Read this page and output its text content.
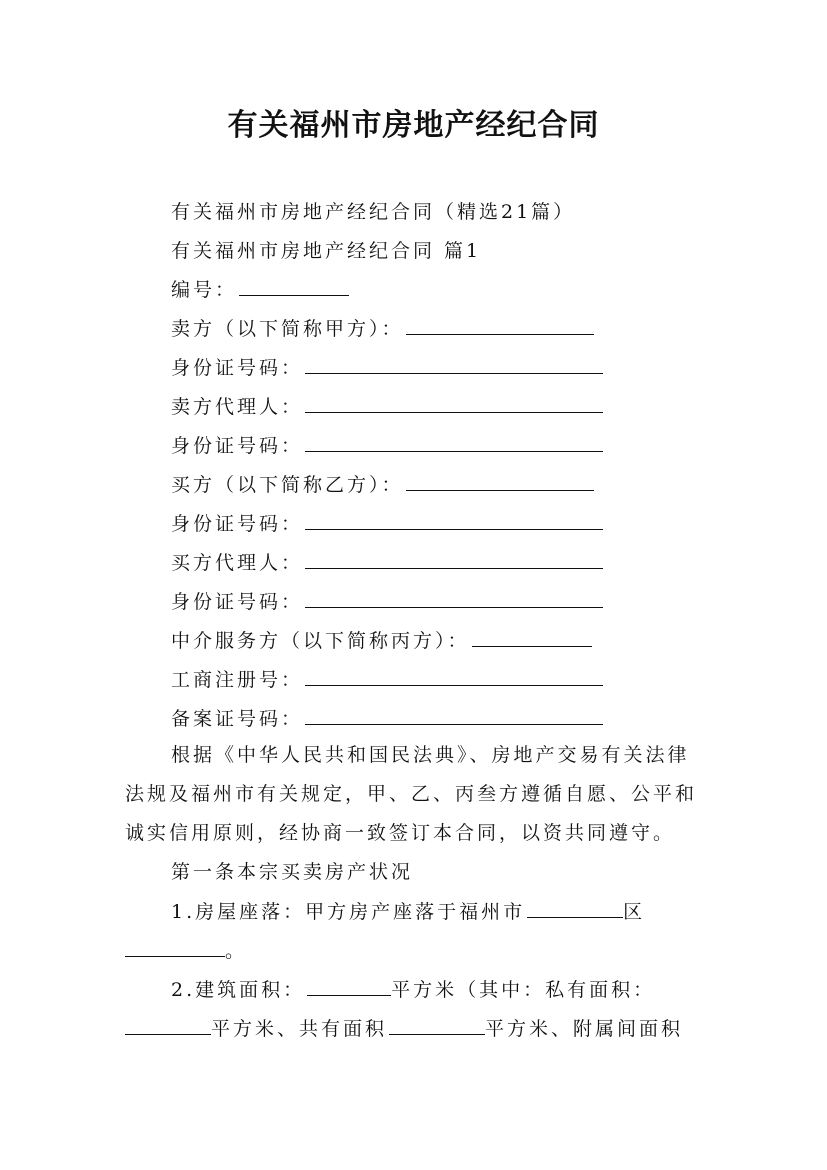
有关福州市房地产经纪合同
有关福州市房地产经纪合同（精选21篇）
有关福州市房地产经纪合同 篇1
编号：
卖方（以下简称甲方）：
身份证号码：
卖方代理人：
身份证号码：
买方（以下简称乙方）：
身份证号码：
买方代理人：
身份证号码：
中介服务方（以下简称丙方）：
工商注册号：
备案证号码：
根据《中华人民共和国民法典》、房地产交易有关法律
法规及福州市有关规定，甲、乙、丙叁方遵循自愿、公平和
诚实信用原则，经协商一致签订本合同，以资共同遵守。
第一条本宗买卖房产状况
1.房屋座落：甲方房产座落于福州市	区
。
2.建筑面积：	平方米（其中：私有面积：
平方米、共有面积	平方米、附属间面积
